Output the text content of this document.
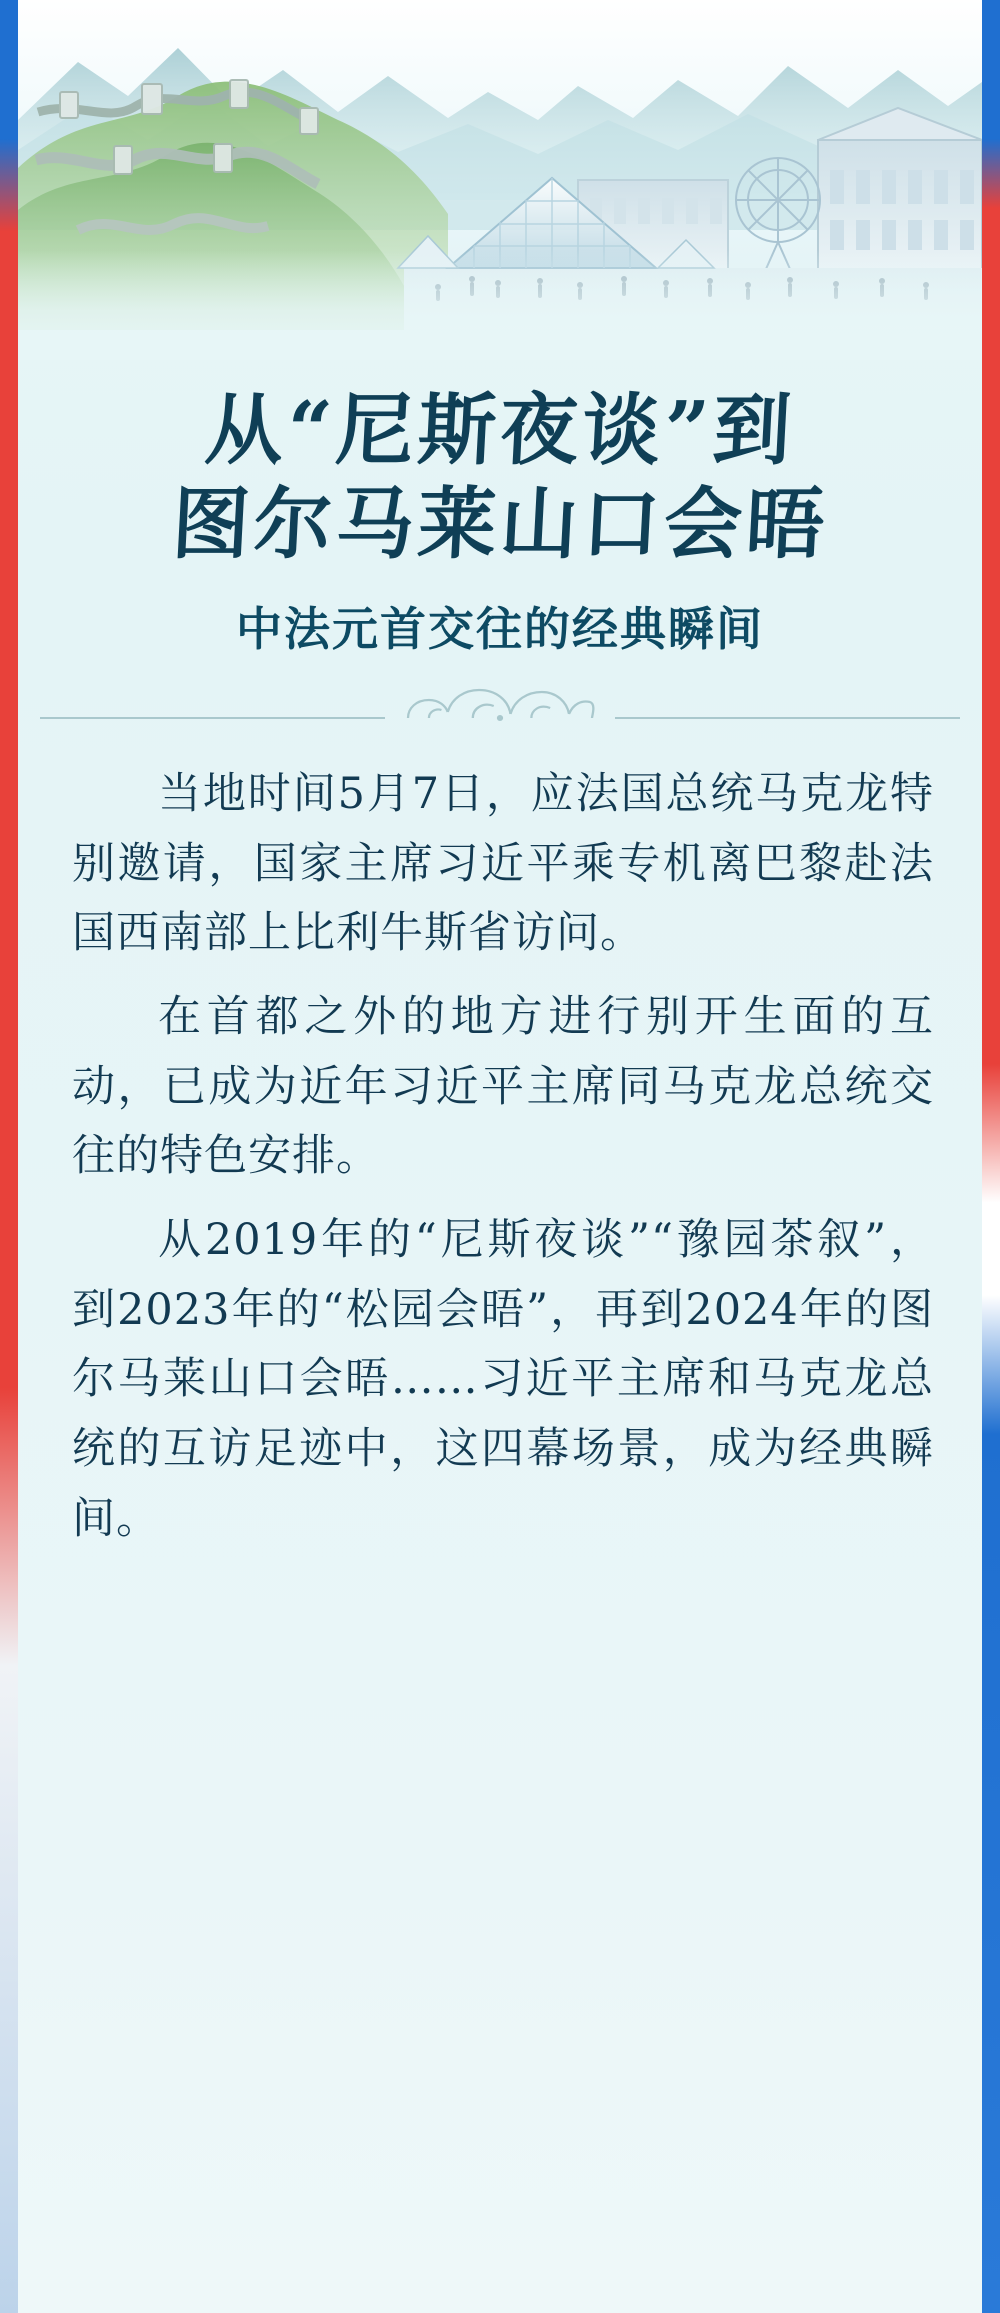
从“尼斯夜谈”到
图尔马莱山口会晤
中法元首交往的经典瞬间

当地时间5月7日，应法国总统马克龙特别邀请，国家主席习近平乘专机离巴黎赴法国西南部上比利牛斯省访问。

在首都之外的地方进行别开生面的互动，已成为近年习近平主席同马克龙总统交往的特色安排。

从2019年的“尼斯夜谈”“豫园茶叙”，到2023年的“松园会晤”，再到2024年的图尔马莱山口会晤……习近平主席和马克龙总统的互访足迹中，这四幕场景，成为经典瞬间。
